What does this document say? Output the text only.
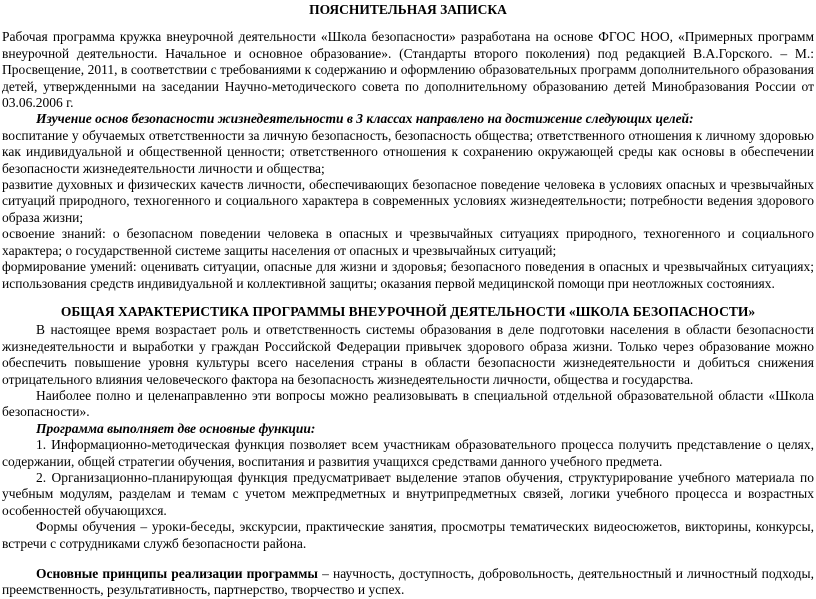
ПОЯСНИТЕЛЬНАЯ ЗАПИСКА

Рабочая программа кружка внеурочной деятельности «Школа безопасности» разработана на основе ФГОС НОО, «Примерных программ внеурочной деятельности. Начальное и основное образование». (Стандарты второго поколения) под редакцией В.А.Горского. – М.: Просвещение, 2011, в соответствии с требованиями к содержанию и оформлению образовательных программ дополнительного образования детей, утвержденными на заседании Научно-методического совета по дополнительному образованию детей Минобразования России от 03.06.2006 г.

Изучение основ безопасности жизнедеятельности в 3 классах направлено на достижение следующих целей:

воспитание у обучаемых ответственности за личную безопасность, безопасность общества; ответственного отношения к личному здоровью как индивидуальной и общественной ценности; ответственного отношения к сохранению окружающей среды как основы в обеспечении безопасности жизнедеятельности личности и общества;

развитие духовных и физических качеств личности, обеспечивающих безопасное поведение человека в условиях опасных и чрезвычайных ситуаций природного, техногенного и социального характера в современных условиях жизнедеятельности; потребности ведения здорового образа жизни;

освоение знаний: о безопасном поведении человека в опасных и чрезвычайных ситуациях природного, техногенного и социального характера; о государственной системе защиты населения от опасных и чрезвычайных ситуаций;

формирование умений: оценивать ситуации, опасные для жизни и здоровья; безопасного поведения в опасных и чрезвычайных ситуациях; использования средств индивидуальной и коллективной защиты; оказания первой медицинской помощи при неотложных состояниях.

ОБЩАЯ ХАРАКТЕРИСТИКА ПРОГРАММЫ ВНЕУРОЧНОЙ ДЕЯТЕЛЬНОСТИ «ШКОЛА БЕЗОПАСНОСТИ»

В настоящее время возрастает роль и ответственность системы образования в деле подготовки населения в области безопасности жизнедеятельности и выработки у граждан Российской Федерации привычек здорового образа жизни. Только через образование можно обеспечить повышение уровня культуры всего населения страны в области безопасности жизнедеятельности и добиться снижения отрицательного влияния человеческого фактора на безопасность жизнедеятельности личности, общества и государства.

Наиболее полно и целенаправленно эти вопросы можно реализовывать в специальной отдельной образовательной области «Школа безопасности».

Программа выполняет две основные функции:

1. Информационно-методическая функция позволяет всем участникам образовательного процесса получить представление о целях, содержании, общей стратегии обучения, воспитания и развития учащихся средствами данного учебного предмета.

2. Организационно-планирующая функция предусматривает выделение этапов обучения, структурирование учебного материала по учебным модулям, разделам и темам с учетом межпредметных и внутрипредметных связей, логики учебного процесса и возрастных особенностей обучающихся.

Формы обучения – уроки-беседы, экскурсии, практические занятия, просмотры тематических видеосюжетов, викторины, конкурсы, встречи с сотрудниками служб безопасности района.

Основные принципы реализации программы – научность, доступность, добровольность, деятельностный и личностный подходы, преемственность, результативность, партнерство, творчество и успех.
